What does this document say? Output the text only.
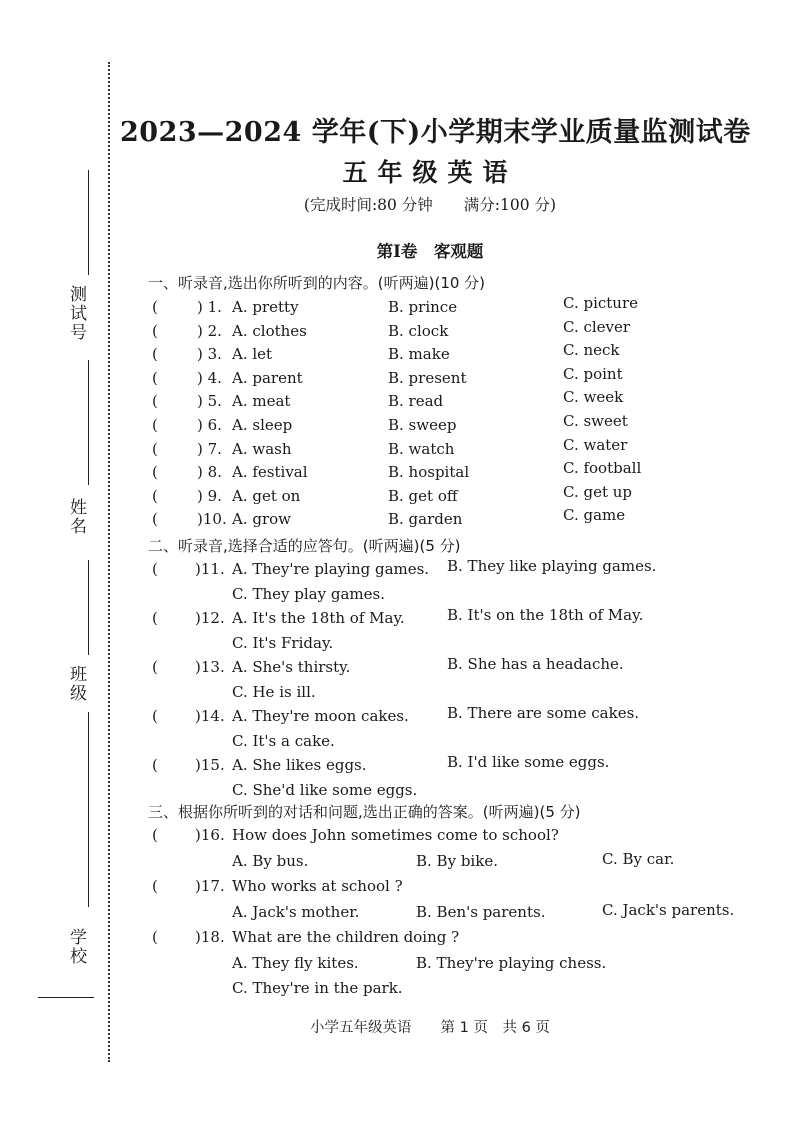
测试号
姓名
班级
学校
2023—2024 学年(下)小学期末学业质量监测试卷
五年级英语
(完成时间:80 分钟　　满分:100 分)
第Ⅰ卷　客观题
一、听录音,选出你所听到的内容。(听两遍)(10 分)
(	) 1. A. pretty	B. prince	C. picture
(	) 2. A. clothes	B. clock	C. clever
(	) 3. A. let	B. make	C. neck
(	) 4. A. parent	B. present	C. point
(	) 5. A. meat	B. read	C. week
(	) 6. A. sleep	B. sweep	C. sweet
(	) 7. A. wash	B. watch	C. water
(	) 8. A. festival	B. hospital	C. football
(	) 9. A. get on	B. get off	C. get up
(	)10. A. grow	B. garden	C. game
二、听录音,选择合适的应答句。(听两遍)(5 分)
( )11. A. They're playing games. B. They like playing games.
C. They play games.
( )12. A. It's the 18th of May.	B. It's on the 18th of May.
C. It's Friday.
( )13. A. She's thirsty.	B. She has a headache.
C. He is ill.
( )14. A. They're moon cakes.	B. There are some cakes.
C. It's a cake.
( )15. A. She likes eggs.	B. I'd like some eggs.
C. She'd like some eggs.
三、根据你所听到的对话和问题,选出正确的答案。(听两遍)(5 分)
( )16. How does John sometimes come to school?
A. By bus.	B. By bike.	C. By car.
( )17. Who works at school ?
A. Jack's mother.	B. Ben's parents.	C. Jack's parents.
( )18. What are the children doing ?
A. They fly kites.	B. They're playing chess.
C. They're in the park.
小学五年级英语　　第 1 页　共 6 页
